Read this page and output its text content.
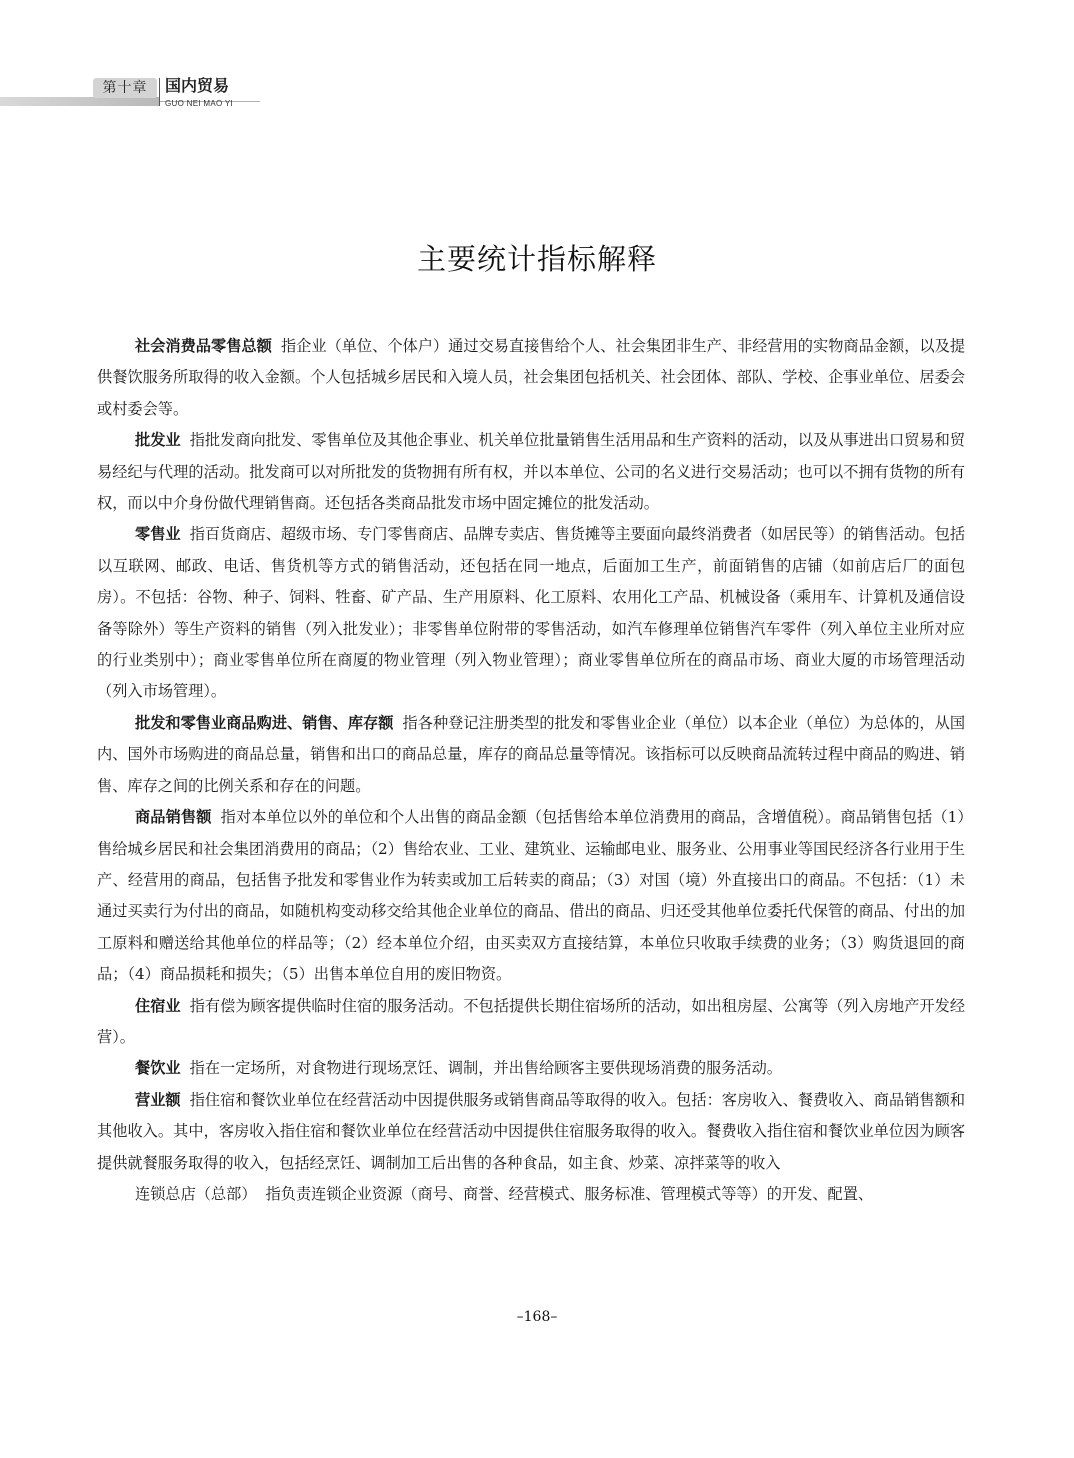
第十章	国内贸易
GUO NEI MAO YI
主要统计指标解释

社会消费品零售总额 指企业（单位、个体户）通过交易直接售给个人、社会集团非生产、非经营用的实物商品金额，以及提供餐饮服务所取得的收入金额。个人包括城乡居民和入境人员，社会集团包括机关、社会团体、部队、学校、企事业单位、居委会或村委会等。

批发业 指批发商向批发、零售单位及其他企事业、机关单位批量销售生活用品和生产资料的活动，以及从事进出口贸易和贸易经纪与代理的活动。批发商可以对所批发的货物拥有所有权，并以本单位、公司的名义进行交易活动；也可以不拥有货物的所有权，而以中介身份做代理销售商。还包括各类商品批发市场中固定摊位的批发活动。

零售业 指百货商店、超级市场、专门零售商店、品牌专卖店、售货摊等主要面向最终消费者（如居民等）的销售活动。包括以互联网、邮政、电话、售货机等方式的销售活动，还包括在同一地点，后面加工生产，前面销售的店铺（如前店后厂的面包房）。不包括：谷物、种子、饲料、牲畜、矿产品、生产用原料、化工原料、农用化工产品、机械设备（乘用车、计算机及通信设备等除外）等生产资料的销售（列入批发业）；非零售单位附带的零售活动，如汽车修理单位销售汽车零件（列入单位主业所对应的行业类别中）；商业零售单位所在商厦的物业管理（列入物业管理）；商业零售单位所在的商品市场、商业大厦的市场管理活动（列入市场管理）。

批发和零售业商品购进、销售、库存额 指各种登记注册类型的批发和零售业企业（单位）以本企业（单位）为总体的，从国内、国外市场购进的商品总量，销售和出口的商品总量，库存的商品总量等情况。该指标可以反映商品流转过程中商品的购进、销售、库存之间的比例关系和存在的问题。

商品销售额 指对本单位以外的单位和个人出售的商品金额（包括售给本单位消费用的商品，含增值税）。商品销售包括（1）售给城乡居民和社会集团消费用的商品；（2）售给农业、工业、建筑业、运输邮电业、服务业、公用事业等国民经济各行业用于生产、经营用的商品，包括售予批发和零售业作为转卖或加工后转卖的商品；（3）对国（境）外直接出口的商品。不包括：（1）未通过买卖行为付出的商品，如随机构变动移交给其他企业单位的商品、借出的商品、归还受其他单位委托代保管的商品、付出的加工原料和赠送给其他单位的样品等；（2）经本单位介绍，由买卖双方直接结算，本单位只收取手续费的业务；（3）购货退回的商品；（4）商品损耗和损失；（5）出售本单位自用的废旧物资。

住宿业 指有偿为顾客提供临时住宿的服务活动。不包括提供长期住宿场所的活动，如出租房屋、公寓等（列入房地产开发经营）。

餐饮业 指在一定场所，对食物进行现场烹饪、调制，并出售给顾客主要供现场消费的服务活动。

营业额 指住宿和餐饮业单位在经营活动中因提供服务或销售商品等取得的收入。包括：客房收入、餐费收入、商品销售额和其他收入。其中，客房收入指住宿和餐饮业单位在经营活动中因提供住宿服务取得的收入。餐费收入指住宿和餐饮业单位因为顾客提供就餐服务取得的收入，包括经烹饪、调制加工后出售的各种食品，如主食、炒菜、凉拌菜等的收入

连锁总店（总部） 指负责连锁企业资源（商号、商誉、经营模式、服务标准、管理模式等等）的开发、配置、

–168–
